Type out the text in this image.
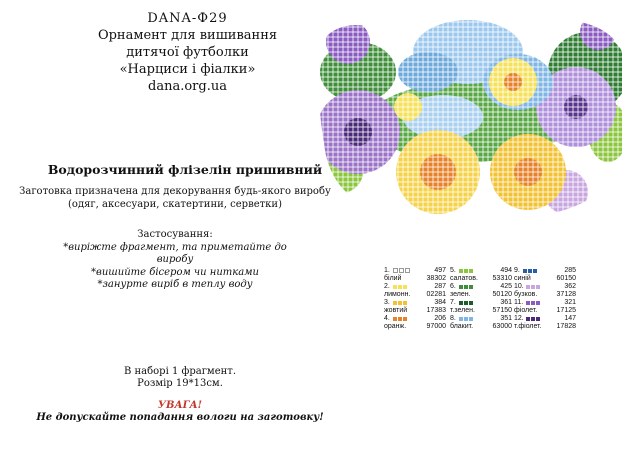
DANA-Ф29
Орнамент для вишивання
дитячої футболки
«Нарциси і фіалки»
dana.org.ua
Водорозчинний флізелін пришивний
Заготовка призначена для декорування будь-якого виробу
(одяг, аксесуари, скатертини, серветки)
Застосування:
*виріжте фрагмент, та приметайте до виробу
*вишийте бісером чи нитками
*занурте виріб в теплу воду
В наборі 1 фрагмент.
Розмір 19*13см.
УВАГА!
Не допускайте попадання вологи на заготовку!
1.	497
білий	38302
2.	287
лимонн. 02281
3.	384
жовтий	17383
4.	206
оранж.	97000
5.	494
салатов. 53310
6.	425
зелен.	50120
7.	361
т.зелен.	57150
8.	351
блакит.	63000
9.	285
синій	60150
10.	362
бузков.	37128
11.	321
фіолет.	17125
12.	147
т.фіолет. 17828
